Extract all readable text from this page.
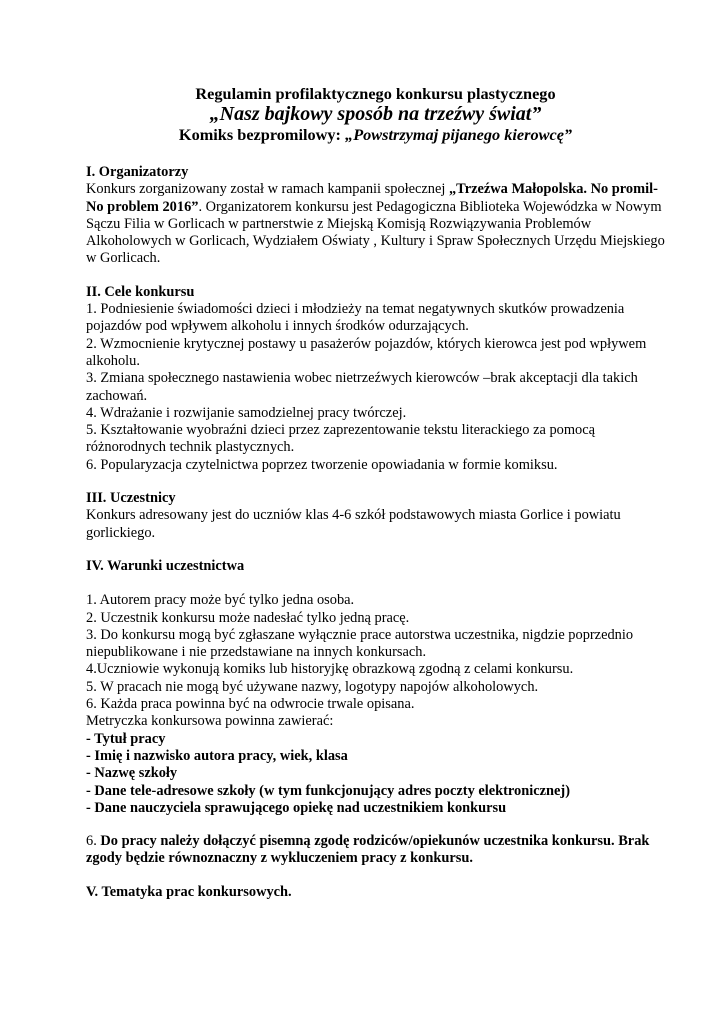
Regulamin profilaktycznego konkursu plastycznego
„Nasz bajkowy sposób na trzeźwy świat”
Komiks bezpromilowy: „Powstrzymaj pijanego kierowcę”
I. Organizatorzy

Konkurs zorganizowany został w ramach kampanii społecznej „Trzeźwa Małopolska. No promil-No problem 2016”. Organizatorem konkursu jest Pedagogiczna Biblioteka Wojewódzka w Nowym Sączu Filia w Gorlicach w partnerstwie z Miejską Komisją Rozwiązywania Problemów Alkoholowych w Gorlicach, Wydziałem Oświaty , Kultury i Spraw Społecznych Urzędu Miejskiego w Gorlicach.

II. Cele konkursu

1. Podniesienie świadomości dzieci i młodzieży na temat negatywnych skutków prowadzenia pojazdów pod wpływem alkoholu i innych środków odurzających.

2. Wzmocnienie krytycznej postawy u pasażerów pojazdów, których kierowca jest pod wpływem alkoholu.

3. Zmiana społecznego nastawienia wobec nietrzeźwych kierowców –brak akceptacji dla takich zachowań.

4. Wdrażanie i rozwijanie samodzielnej pracy twórczej.

5. Kształtowanie wyobraźni dzieci przez zaprezentowanie tekstu literackiego za pomocą różnorodnych technik plastycznych.

6. Popularyzacja czytelnictwa poprzez tworzenie opowiadania w formie komiksu.

III. Uczestnicy

Konkurs adresowany jest do uczniów klas 4-6 szkół podstawowych miasta Gorlice i powiatu gorlickiego.

IV. Warunki uczestnictwa

1. Autorem pracy może być tylko jedna osoba.

2. Uczestnik konkursu może nadesłać tylko jedną pracę.

3. Do konkursu mogą być zgłaszane wyłącznie prace autorstwa uczestnika, nigdzie poprzednio niepublikowane i nie przedstawiane na innych konkursach.

4.Uczniowie wykonują komiks lub historyjkę obrazkową zgodną z celami konkursu.

5. W pracach nie mogą być używane nazwy, logotypy napojów alkoholowych.

6. Każda praca powinna być na odwrocie trwale opisana.

Metryczka konkursowa powinna zawierać:

- Tytuł pracy

- Imię i nazwisko autora pracy, wiek, klasa

- Nazwę szkoły

- Dane tele-adresowe szkoły (w tym funkcjonujący adres poczty elektronicznej)

- Dane nauczyciela sprawującego opiekę nad uczestnikiem konkursu

6. Do pracy należy dołączyć pisemną zgodę rodziców/opiekunów uczestnika konkursu. Brak zgody będzie równoznaczny z wykluczeniem pracy z konkursu.

V. Tematyka prac konkursowych.
